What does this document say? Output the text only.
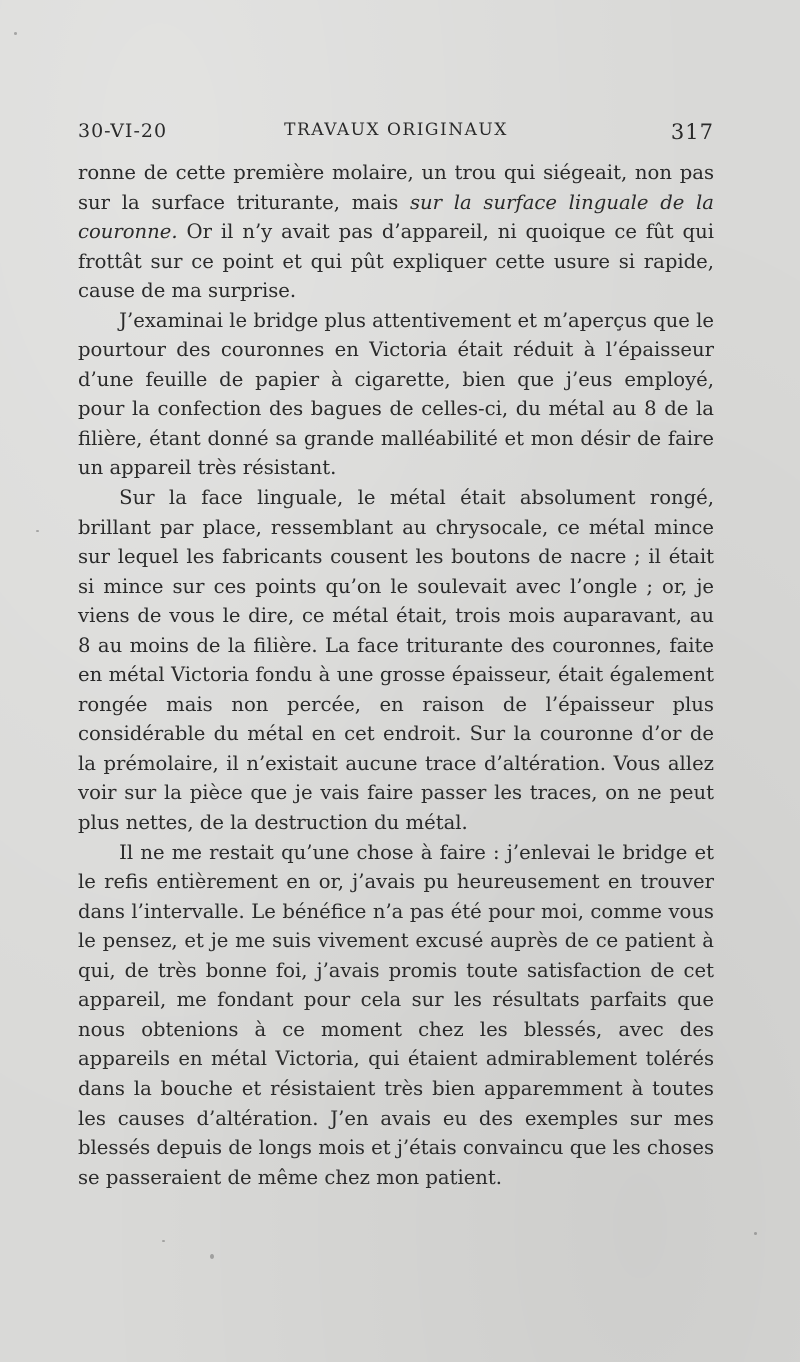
30-VI-20	TRAVAUX ORIGINAUX	317

ronne de cette première molaire, un trou qui siégeait, non pas sur la surface triturante, mais sur la surface linguale de la couronne. Or il n’y avait pas d’appareil, ni quoique ce fût qui frottât sur ce point et qui pût expliquer cette usure si rapide, cause de ma surprise.

J’examinai le bridge plus attentivement et m’aperçus que le pourtour des couronnes en Victoria était réduit à l’épaisseur d’une feuille de papier à cigarette, bien que j’eus employé, pour la confection des bagues de celles-ci, du métal au 8 de la filière, étant donné sa grande malléabilité et mon désir de faire un appareil très résistant.

Sur la face linguale, le métal était absolument rongé, brillant par place, ressemblant au chrysocale, ce métal mince sur lequel les fabricants cousent les boutons de nacre ; il était si mince sur ces points qu’on le soulevait avec l’ongle ; or, je viens de vous le dire, ce métal était, trois mois auparavant, au 8 au moins de la filière. La face triturante des couronnes, faite en métal Victoria fondu à une grosse épaisseur, était également rongée mais non percée, en raison de l’épaisseur plus considérable du métal en cet endroit. Sur la couronne d’or de la prémolaire, il n’existait aucune trace d’altération. Vous allez voir sur la pièce que je vais faire passer les traces, on ne peut plus nettes, de la destruction du métal.

Il ne me restait qu’une chose à faire : j’enlevai le bridge et le refis entièrement en or, j’avais pu heureusement en trouver dans l’intervalle. Le bénéfice n’a pas été pour moi, comme vous le pensez, et je me suis vivement excusé auprès de ce patient à qui, de très bonne foi, j’avais promis toute satisfaction de cet appareil, me fondant pour cela sur les résultats parfaits que nous obtenions à ce moment chez les blessés, avec des appareils en métal Victoria, qui étaient admirablement tolérés dans la bouche et résistaient très bien apparemment à toutes les causes d’altération. J’en avais eu des exemples sur mes blessés depuis de longs mois et j’étais convaincu que les choses se passeraient de même chez mon patient.
